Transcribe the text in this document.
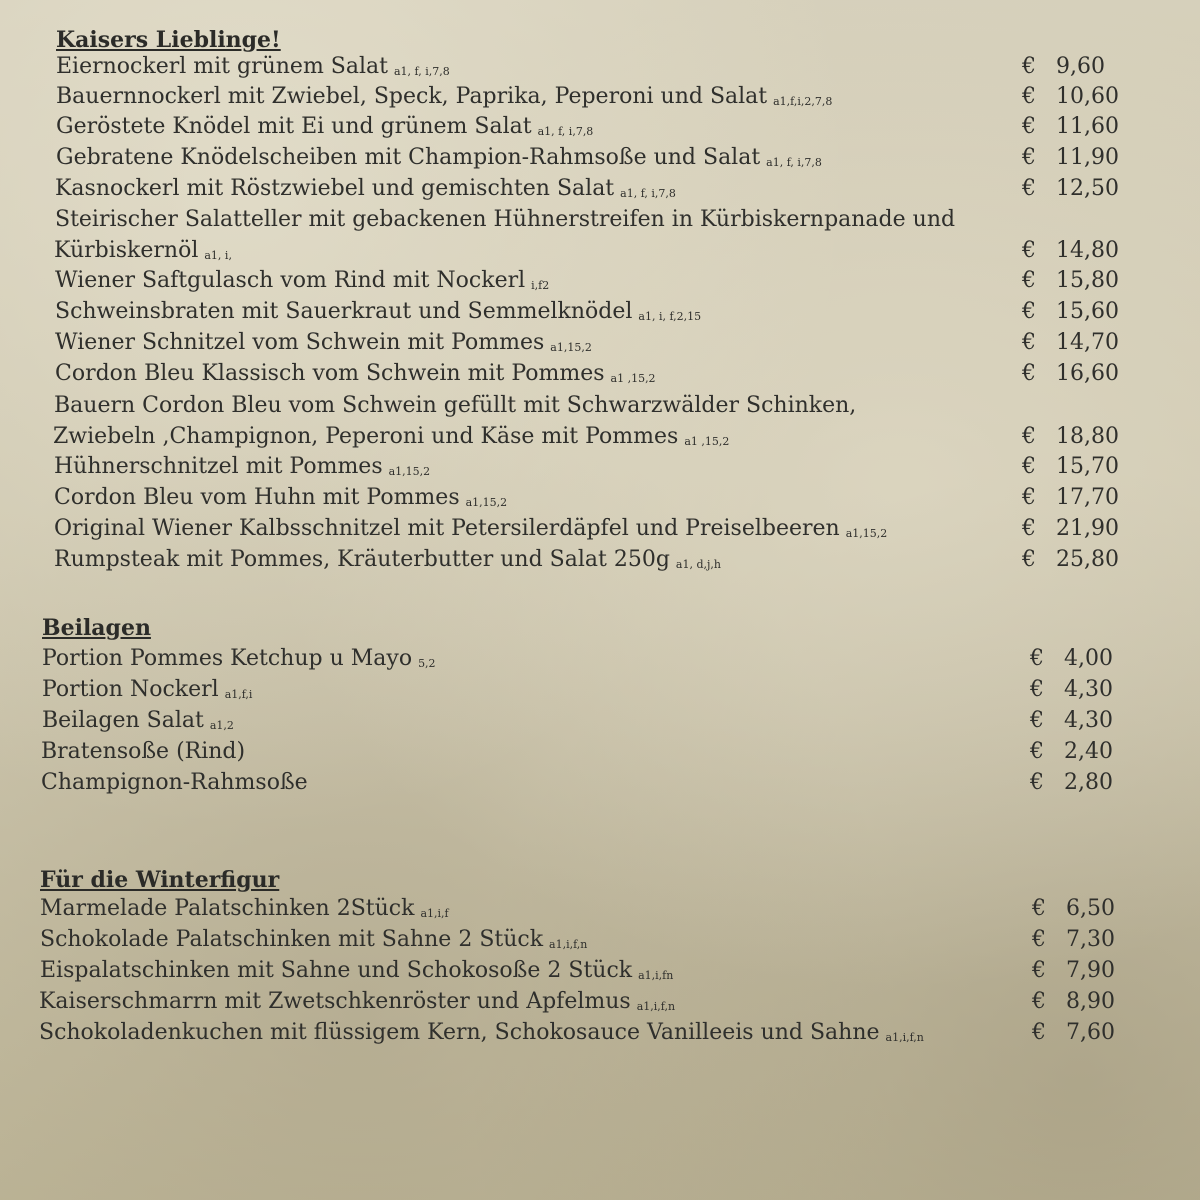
Kaisers Lieblinge!
Eiernockerl mit grünem Salat a1, f, i,7,8	€ 9,60
Bauernnockerl mit Zwiebel, Speck, Paprika, Peperoni und Salat a1,f,i,2,7,8	€ 10,60
Geröstete Knödel mit Ei und grünem Salat a1, f, i,7,8	€ 11,60
Gebratene Knödelscheiben mit Champion-Rahmsoße und Salat a1, f, i,7,8	€ 11,90
Kasnockerl mit Röstzwiebel und gemischten Salat a1, f, i,7,8	€ 12,50
Steirischer Salatteller mit gebackenen Hühnerstreifen in Kürbiskernpanade und
Kürbiskernöl a1, i,	€ 14,80
Wiener Saftgulasch vom Rind mit Nockerl i,f2	€ 15,80
Schweinsbraten mit Sauerkraut und Semmelknödel a1, i, f,2,15	€ 15,60
Wiener Schnitzel vom Schwein mit Pommes a1,15,2	€ 14,70
Cordon Bleu Klassisch vom Schwein mit Pommes a1 ,15,2	€ 16,60
Bauern Cordon Bleu vom Schwein gefüllt mit Schwarzwälder Schinken,
Zwiebeln ,Champignon, Peperoni und Käse mit Pommes a1 ,15,2	€ 18,80
Hühnerschnitzel mit Pommes a1,15,2	€ 15,70
Cordon Bleu vom Huhn mit Pommes a1,15,2	€ 17,70
Original Wiener Kalbsschnitzel mit Petersilerdäpfel und Preiselbeeren a1,15,2	€ 21,90
Rumpsteak mit Pommes, Kräuterbutter und Salat 250g a1, d,j,h	€ 25,80
Beilagen
Portion Pommes Ketchup u Mayo 5,2	€ 4,00
Portion Nockerl a1,f,i	€ 4,30
Beilagen Salat a1,2	€ 4,30
Bratensoße (Rind)	€ 2,40
Champignon-Rahmsoße	€ 2,80
Für die Winterfigur
Marmelade Palatschinken 2Stück a1,i,f	€ 6,50
Schokolade Palatschinken mit Sahne 2 Stück a1,i,f,n	€ 7,30
Eispalatschinken mit Sahne und Schokosoße 2 Stück a1,i,fn	€ 7,90
Kaiserschmarrn mit Zwetschkenröster und Apfelmus a1,i,f,n	€ 8,90
Schokoladenkuchen mit flüssigem Kern, Schokosauce Vanilleeis und Sahne a1,i,f,n	€ 7,60
